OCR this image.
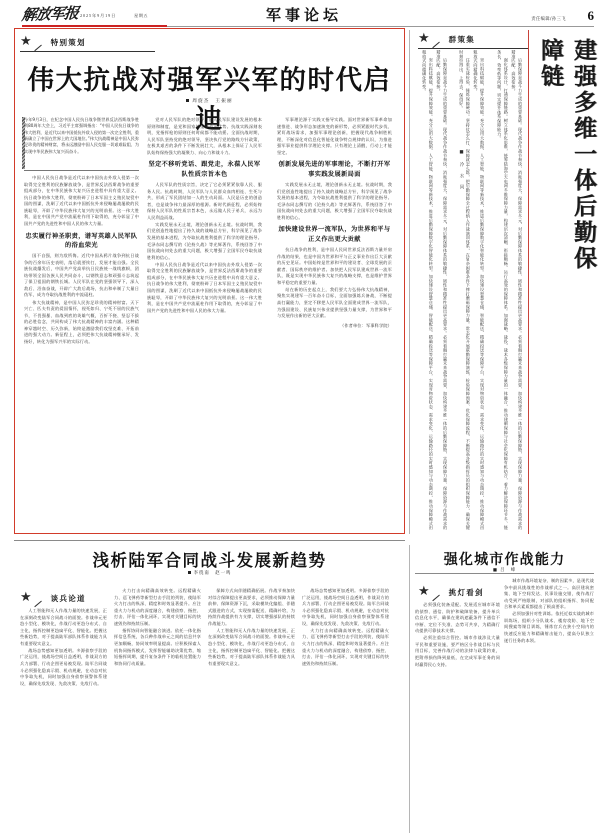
解放军报 2025年9月19日	星期五	军事论坛	责任编辑/孙三飞 6
★	特别策划
伟大抗战对强军兴军的时代启迪
周旋杰　王振丽
今年9月3日，在纪念中国人民抗日战争暨世界反法西斯战争胜利80周年大会上，习近平主席强调指出：“中国人民抗日战争的伟大胜利，是近代以来中国抵抗外敌入侵的第一次完全胜利，重新确立了中国在世界上的大国地位。”伟大抗战精神是中国人民弥足珍贵的精神财富，将永远激励中国人民克服一切艰难险阻、为实现中华民族伟大复兴而奋斗。

中国人民抗日战争是近代以来中国抗击外敌入侵第一次取得完全胜利的民族解放战争，是世界反法西斯战争的重要组成部分，在中华民族伟大复兴历史进程中具有重大意义。抗日战争的伟大胜利，彻底粉碎了日本军国主义殖民奴役中国的图谋，洗刷了近代以来中国抵抗外来侵略屡战屡败的民族耻辱，开辟了中华民族伟大复兴的光明前景。这一伟大胜利，是在中国共产党中流砥柱作用下取得的，充分彰显了中国共产党的先进性和中国人民的伟大力量。

忠实履行神圣职责，谱写英雄人民军队的浴血荣光

国不自强，则为敌所侮。近代中国从鸦片战争到抗日战争的百余年历史表明，落后就要挨打，发展才能自强。全民族抗战爆发后，中国共产党高举抗日民族统一战线旗帜，团结带领全国各族人民共同奋斗，以钢铁意志和顽强斗志筑起了保卫祖国的钢铁长城。人民军队在党的坚强领导下，深入敌后、浴血奋战，开辟广大敌后战场，抗击和牵制了大量日伪军，成为夺取抗战胜利的中流砥柱。

伟大抗战精神，是中国人民弥足珍贵的精神财富。天下兴亡、匹夫有责的爱国情怀，视死如归、宁死不屈的民族气节，不畏强暴、血战到底的英雄气概，百折不挠、坚忍不拔的必胜信念，共同构成了伟大抗战精神的丰富内涵。这种精神穿越时空、历久弥新，始终是激励我们攻坚克难、开拓前进的强大动力。新征程上，必须把伟大抗战精神继承好、发扬好，转化为强军兴军的实际行动。

党对人民军队的绝对领导，是人民军队建设发展的根本原则和制度，是党和国家的重要政治优势。抗战实践深刻表明，党指挥枪的原则任何时候都不能动摇。全面抗战时期，人民军队坚持党的绝对领导，坚决执行党的路线方针政策，在极其艰苦的条件下不断发展壮大，从根本上保证了人民军队始终保持强大的凝聚力、向心力和战斗力。

坚定不移听党话、跟党走，永葆人民军队性质宗旨本色

人民军队的性质宗旨，决定了它必须紧紧依靠人民、服务人民。抗战时期，人民军队与人民群众血肉相连、生死与共，形成了军民团结如一人的生动局面。人民是历史的创造者，也是战争伟力最深厚的根源。新时代新征程，必须始终保持人民军队的性质宗旨本色，永远做人民子弟兵，永远为人民利益而战。

实践发展永无止境，理论创新永无止境。抗战时期，我们党创造性地提出了持久战的战略总方针，科学预见了战争发展的基本进程，为夺取抗战胜利提供了科学的理论指导。毛泽东同志撰写的《论持久战》等光辉著作，系统回答了中国抗战向何处去的重大问题，极大增强了全国军民夺取抗战胜利的信心。

中国人民抗日战争是近代以来中国抗击外敌入侵第一次取得完全胜利的民族解放战争，是世界反法西斯战争的重要组成部分，在中华民族伟大复兴历史进程中具有重大意义。抗日战争的伟大胜利，彻底粉碎了日本军国主义殖民奴役中国的图谋，洗刷了近代以来中国抵抗外来侵略屡战屡败的民族耻辱，开辟了中华民族伟大复兴的光明前景。这一伟大胜利，是在中国共产党中流砥柱作用下取得的，充分彰显了中国共产党的先进性和中国人民的伟大力量。

军事理论源于实践又指导实践。面对世界新军事革命加速推进、战争形态加速演变的新形势，必须紧跟时代步伐、紧盯战场需求，加强军事理论创新，把握现代战争制胜机理，不断深化对信息化智能化战争特点规律的认识，为推进强军事业提供科学理论支撑。只有理论上清醒，行动上才能坚定。

创新发展先进的军事理论，不断打开军事实践发展新局面

实践发展永无止境，理论创新永无止境。抗战时期，我们党创造性地提出了持久战的战略总方针，科学预见了战争发展的基本进程，为夺取抗战胜利提供了科学的理论指导。毛泽东同志撰写的《论持久战》等光辉著作，系统回答了中国抗战向何处去的重大问题，极大增强了全国军民夺取抗战胜利的信心。

加快建设世界一流军队，为世界和平与正义作出更大贡献

抗日战争的胜利，是中国人民同世界反法西斯力量并肩作战的结果，也是中国为世界和平与正义事业作出巨大贡献的历史见证。中国始终是世界和平的建设者、全球发展的贡献者、国际秩序的维护者。加快把人民军队建成世界一流军队，既是实现中华民族伟大复兴的战略支撑，也是维护世界和平稳定的重要力量。

站在新的历史起点上，我们要大力弘扬伟大抗战精神，聚焦实现建军一百年奋斗目标，全面加强练兵备战，不断提高打赢能力，坚定不移把人民军队全面建成世界一流军队，为强国建设、民族复兴伟业提供坚强力量支撑，为世界和平与发展作出新的更大贡献。

（作者单位：军事科学院）

★	群策集	建强多维一体后勤保障链

后勤保障是战斗力生成的重要基础。现代战争作战节奏快、消耗强度大、保障需求多元，对后勤保障体系的敏捷性、韧性和精准性提出更高要求。必须着眼打赢未来战争需要，加快构建多维一体的后勤保障链，实现保障力量、保障资源与作战需求的精准匹配、高效衔接。

强化体系设计，打通保障链路。树立体系化思维，统筹陆海空天电网多维保障力量，构建层次清晰、衔接顺畅、运行高效的保障体系。加强战略、战役、战术各级保障力量的一体融合，推动建制保障与社会化保障有机结合，着力解决保障环节多、链条长、效率低等问题，切实提升体系保障能力。

突出科技赋能，提升保障效能。充分运用大数据、人工智能、物联网等新技术，推进后勤保障数字化智能化转型。加快建设智慧仓储、智能配送、精确投送等保障平台，实现对物资状态、需求变化、运输路径的实时感知与动态调控，推动保障模式由粗放式向精确化转变。

注重实战检验，锤炼保障硬功。坚持仗怎么打、保障就怎么练，把后勤保障全过程纳入作战演训体系，在复杂困难条件下摔打磨砺保障力量。常态化开展联勤保障演练，检验保障预案、优化保障流程，不断提高各级指挥员的组织保障能力，确保关键时刻拉得出、上得去、保得好。

后勤保障是战斗力生成的重要基础。现代战争作战节奏快、消耗强度大、保障需求多元，对后勤保障体系的敏捷性、韧性和精准性提出更高要求。必须着眼打赢未来战争需要，加快构建多维一体的后勤保障链，实现保障力量、保障资源与作战需求的精准匹配、高效衔接。

突出科技赋能，提升保障效能。充分运用大数据、人工智能、物联网等新技术，推进后勤保障数字化智能化转型。加快建设智慧仓储、智能配送、精确投送等保障平台，实现对物资状态、需求变化、运输路径的实时感知与动态调控，推动保障模式由粗放式向精确化转变。

■ 冷 水 同
浅析陆军合同战斗发展新趋势
李绕南　赵一鸣
★	谈兵论道

人工智能和无人作战力量的快速发展，正在深刻改变陆军合同战斗的面貌。作战单元更趋小型化、模块化，作战行动更趋分布式、自主化，指挥控制更趋扁平化、智能化。把握这些新趋势，对于提高陆军部队体系作战能力具有重要现实意义。

战场态势感知更加透明。多源侦察手段的广泛运用，使战场空间日益透明，作战双方的兵力部署、行动企图更易被发现。陆军合同战斗必须强化隐真示假、机动规避，在动态对抗中争取先机，同时加强自身侦察预警体系建设，确保先敌发现、先敌决策、先敌行动。

火力打击向精确高效转变。远程精确火力、巡飞弹药等新型打击手段的列装，使陆军火力打击的纵深、精度和时效显著提升。应注重火力与机动的深度融合，构建侦察、指控、打击、评估一体化闭环，实现对关键目标的快速毁伤和持续压制。

指挥协同向智能融合演进。依托一体化指挥信息系统，各兵种作战单元之间的信息共享更加顺畅，协同效率明显提高。应积极探索人机协同指挥模式，发挥智能辅助决策优势，缩短指挥周期，提升复杂条件下的临机处置能力和协同行动质量。

保障方式向伴随精确拓展。作战节奏加快对综合保障提出更高要求，必须推动保障力量前伸、保障资源下沉，采取模块化编组、伴随式跟进的方式，实现按需配送、精确补给，为持续作战提供有力支撑，切实增强部队的持续作战能力。

人工智能和无人作战力量的快速发展，正在深刻改变陆军合同战斗的面貌。作战单元更趋小型化、模块化，作战行动更趋分布式、自主化，指挥控制更趋扁平化、智能化。把握这些新趋势，对于提高陆军部队体系作战能力具有重要现实意义。

战场态势感知更加透明。多源侦察手段的广泛运用，使战场空间日益透明，作战双方的兵力部署、行动企图更易被发现。陆军合同战斗必须强化隐真示假、机动规避，在动态对抗中争取先机，同时加强自身侦察预警体系建设，确保先敌发现、先敌决策、先敌行动。

火力打击向精确高效转变。远程精确火力、巡飞弹药等新型打击手段的列装，使陆军火力打击的纵深、精度和时效显著提升。应注重火力与机动的深度融合，构建侦察、指控、打击、评估一体化闭环，实现对关键目标的快速毁伤和持续压制。

强化城市作战能力
■ 吕　峰
★	挑灯看剑

城市作战环境复杂、制约因素多，是现代战争中最具挑战性的作战样式之一。高层建筑密集、地下空间发达、民事设施交错，使作战行动受到严格限制，对部队的组织指挥、协同配合和单兵素质都提出了极高要求。

必须加强针对性训练。依托近似实战的城市训练场，组织小分队战术、楼房攻防、地下空间搜索等课目训练，锤炼官兵在狭小空间内的快速反应能力和精确射击能力，提高分队独立遂行任务的本领。

必须强化装备适配。发展适应城市环境的侦察、通信、防护和破障装备，提升单兵信息化水平，确保在建筑遮蔽条件下通信不中断、定位不失准、态势可共享，为精确行动提供可靠技术支撑。

必须注重综合管控。城市作战涉及大量平民和重要设施，要严格区分作战目标与民用目标，完善作战行动的法律与政策约束，把附带损伤降到最低，在完成军事任务的同时赢得民心支持。
